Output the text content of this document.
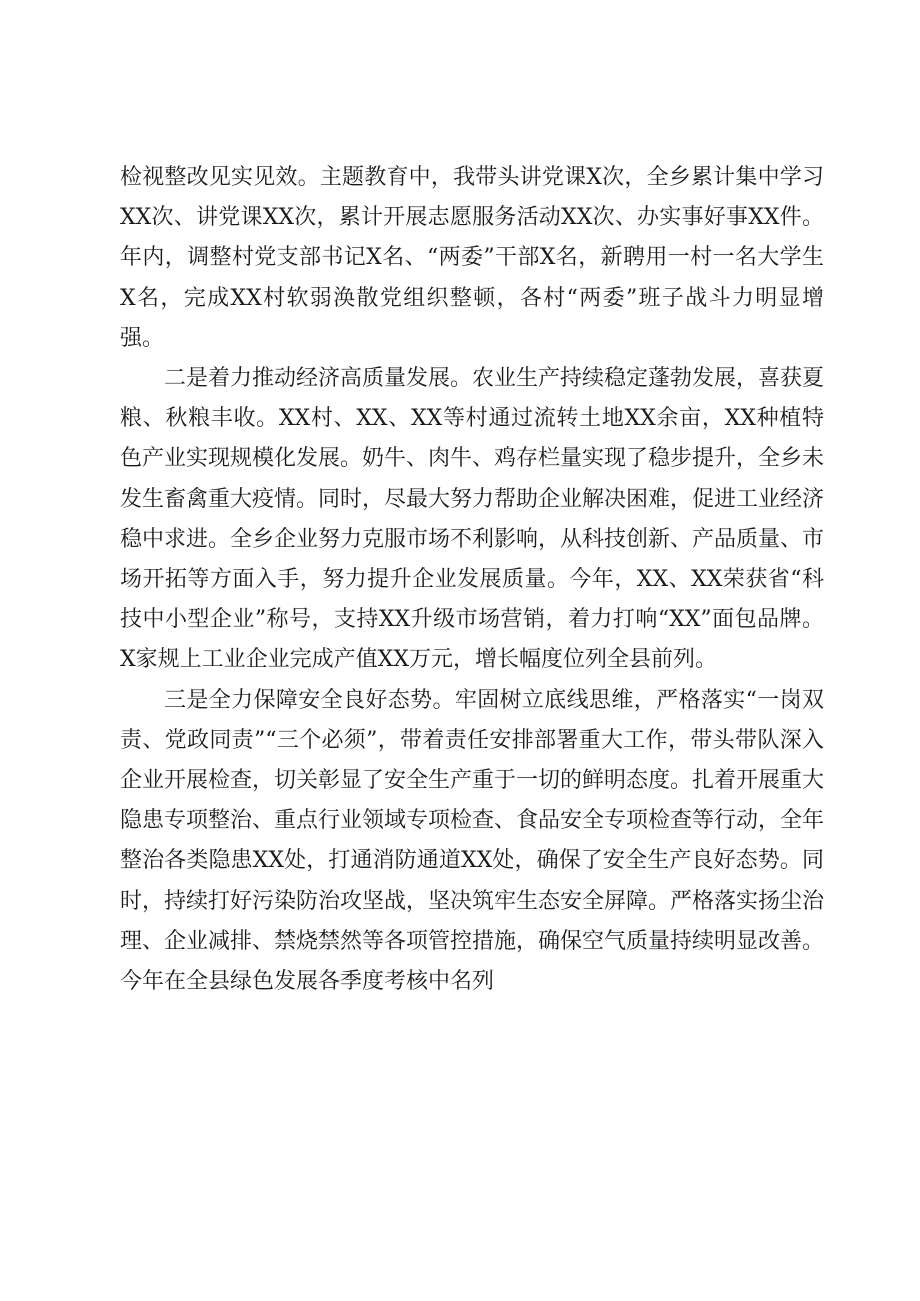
检视整改见实见效。主题教育中，我带头讲党课X次，全乡累计集中学习XX次、讲党课XX次，累计开展志愿服务活动XX次、办实事好事XX件。年内，调整村党支部书记X名、“两委”干部X名，新聘用一村一名大学生X名，完成XX村软弱涣散党组织整顿，各村“两委”班子战斗力明显增强。

二是着力推动经济高质量发展。农业生产持续稳定蓬勃发展，喜获夏粮、秋粮丰收。XX村、XX、XX等村通过流转土地XX余亩，XX种植特色产业实现规模化发展。奶牛、肉牛、鸡存栏量实现了稳步提升，全乡未发生畜禽重大疫情。同时，尽最大努力帮助企业解决困难，促进工业经济稳中求进。全乡企业努力克服市场不利影响，从科技创新、产品质量、市场开拓等方面入手，努力提升企业发展质量。今年，XX、XX荣获省“科技中小型企业”称号，支持XX升级市场营销，着力打响“XX”面包品牌。X家规上工业企业完成产值XX万元，增长幅度位列全县前列。

三是全力保障安全良好态势。牢固树立底线思维，严格落实“一岗双责、党政同责”“三个必须”，带着责任安排部署重大工作，带头带队深入企业开展检查，切关彰显了安全生产重于一切的鲜明态度。扎着开展重大隐患专项整治、重点行业领域专项检查、食品安全专项检查等行动，全年整治各类隐患XX处，打通消防通道XX处，确保了安全生产良好态势。同时，持续打好污染防治攻坚战，坚决筑牢生态安全屏障。严格落实扬尘治理、企业减排、禁烧禁然等各项管控措施，确保空气质量持续明显改善。今年在全县绿色发展各季度考核中名列
